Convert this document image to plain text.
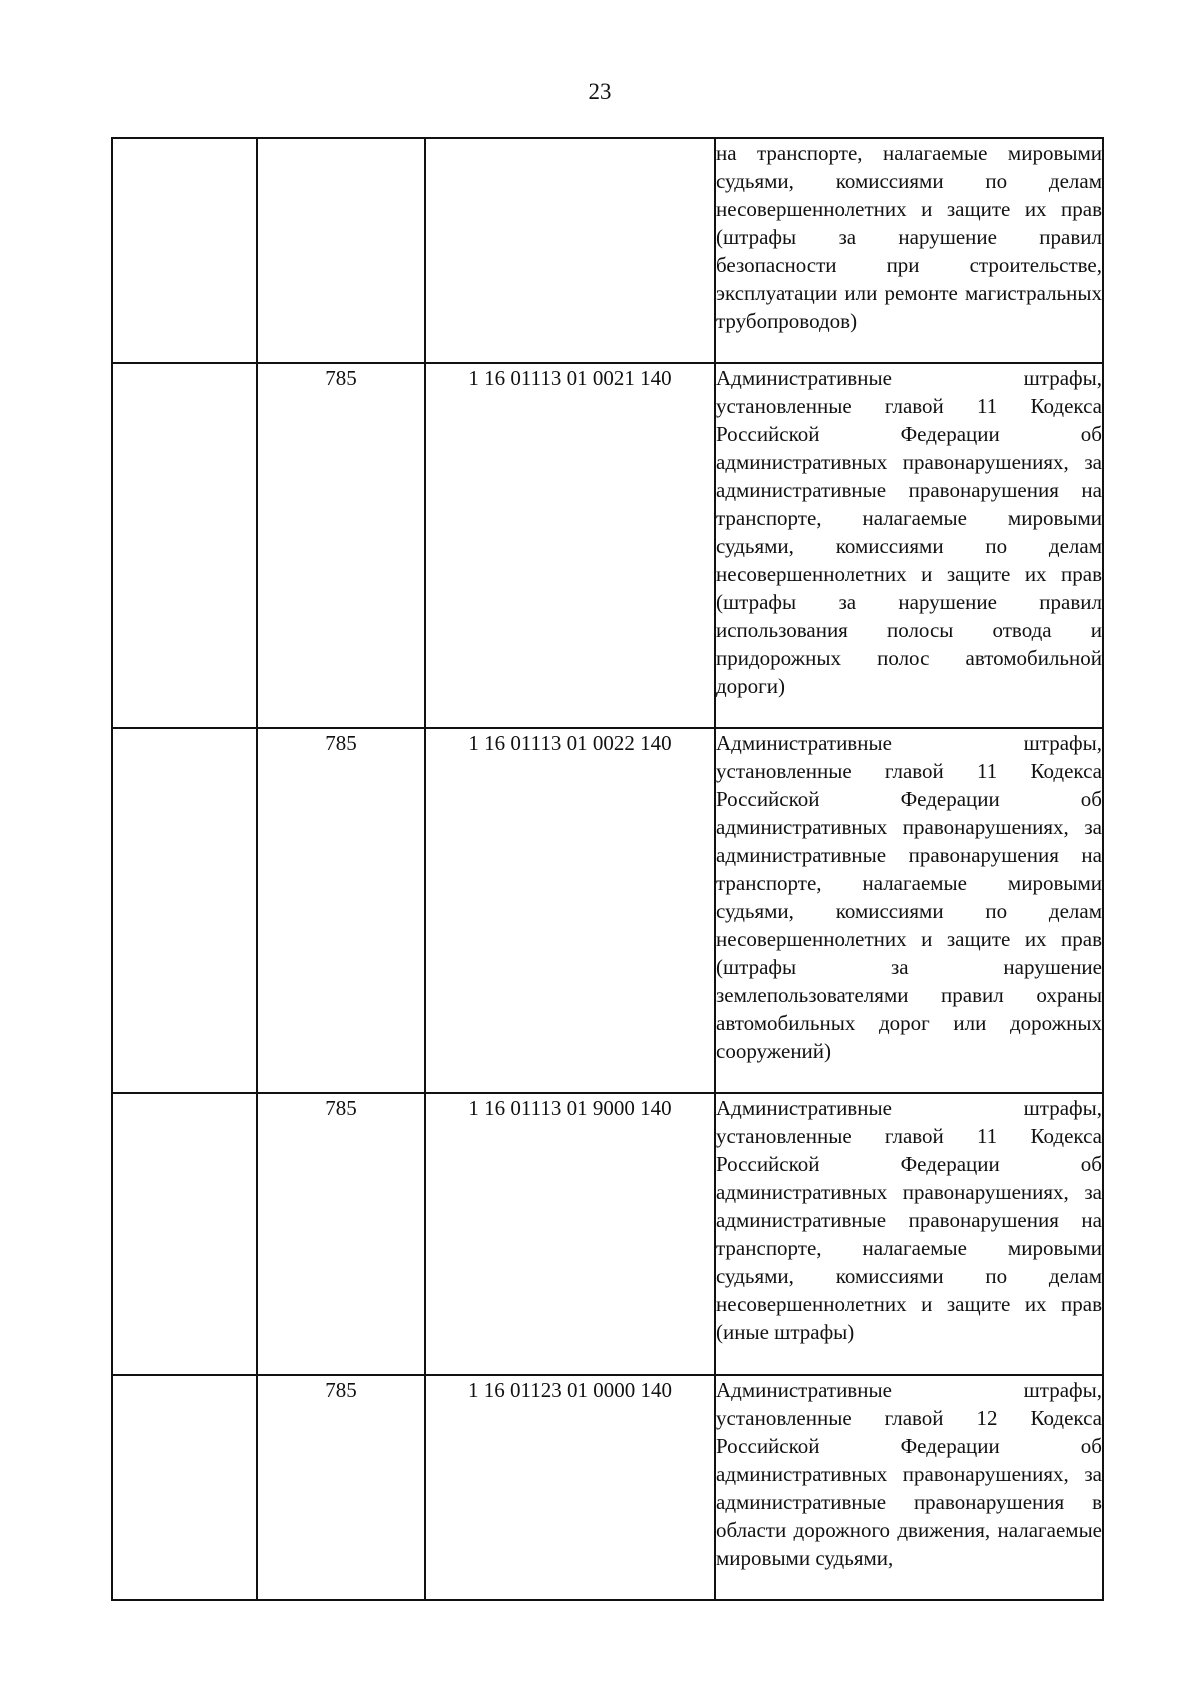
23
			на транспорте, налагаемые мировыми судьями, комиссиями по делам несовершеннолетних и защите их прав (штрафы за нарушение правил безопасности при строительстве, эксплуатации или ремонте магистральных трубопроводов)
	785	1 16 01113 01 0021 140	Административные штрафы, установленные главой 11 Кодекса Российской Федерации об административных правонарушениях, за административные правонарушения на транспорте, налагаемые мировыми судьями, комиссиями по делам несовершеннолетних и защите их прав (штрафы за нарушение правил использования полосы отвода и придорожных полос автомобильной дороги)
	785	1 16 01113 01 0022 140	Административные штрафы, установленные главой 11 Кодекса Российской Федерации об административных правонарушениях, за административные правонарушения на транспорте, налагаемые мировыми судьями, комиссиями по делам несовершеннолетних и защите их прав (штрафы за нарушение землепользователями правил охраны автомобильных дорог или дорожных сооружений)
	785	1 16 01113 01 9000 140	Административные штрафы, установленные главой 11 Кодекса Российской Федерации об административных правонарушениях, за административные правонарушения на транспорте, налагаемые мировыми судьями, комиссиями по делам несовершеннолетних и защите их прав (иные штрафы)
	785	1 16 01123 01 0000 140	Административные штрафы, установленные главой 12 Кодекса Российской Федерации об административных правонарушениях, за административные правонарушения в области дорожного движения, налагаемые мировыми судьями,
